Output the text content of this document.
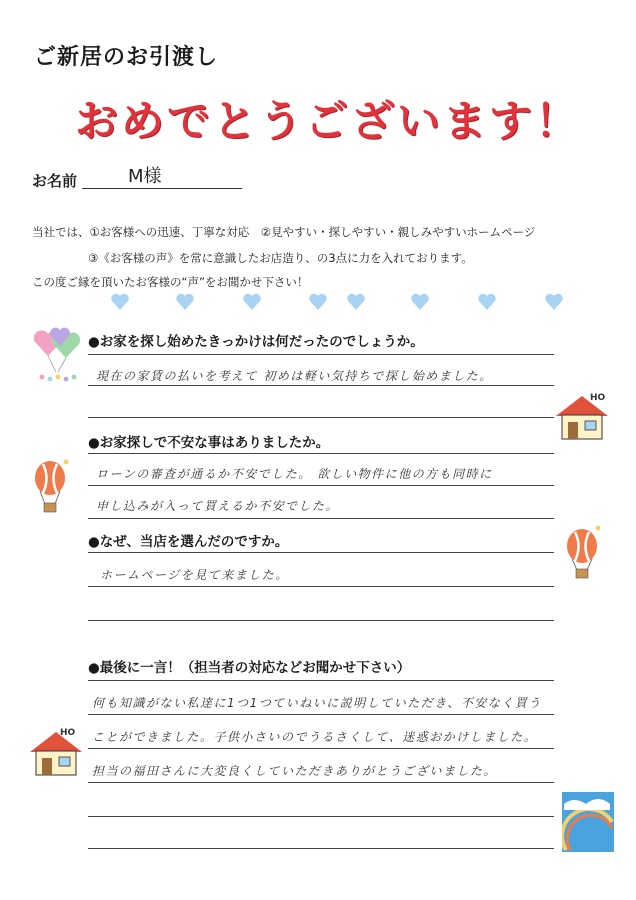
ご新居のお引渡し
おめでとうございます！
お名前	M様
当社では、①お客様への迅速、丁寧な対応　②見やすい・探しやすい・親しみやすいホームページ
③《お客様の声》を常に意識したお店造り、の3点に力を入れております。
この度ご縁を頂いたお客様の“声”をお聞かせ下さい！
●お家を探し始めたきっかけは何だったのでしょうか。
現在の家賃の払いを考えて 初めは軽い気持ちで探し始めました。
HO
●お家探しで不安な事はありましたか。
ローンの審査が通るか不安でした。 欲しい物件に他の方も同時に
申し込みが入って買えるか不安でした。
●なぜ、当店を選んだのですか。
ホームページを見て来ました。
●最後に一言！（担当者の対応などお聞かせ下さい）
何も知識がない私達に1つ1つていねいに説明していただき、不安なく買う
ことができました。子供小さいのでうるさくして、迷惑おかけしました。
担当の福田さんに大変良くしていただきありがとうございました。
HO
